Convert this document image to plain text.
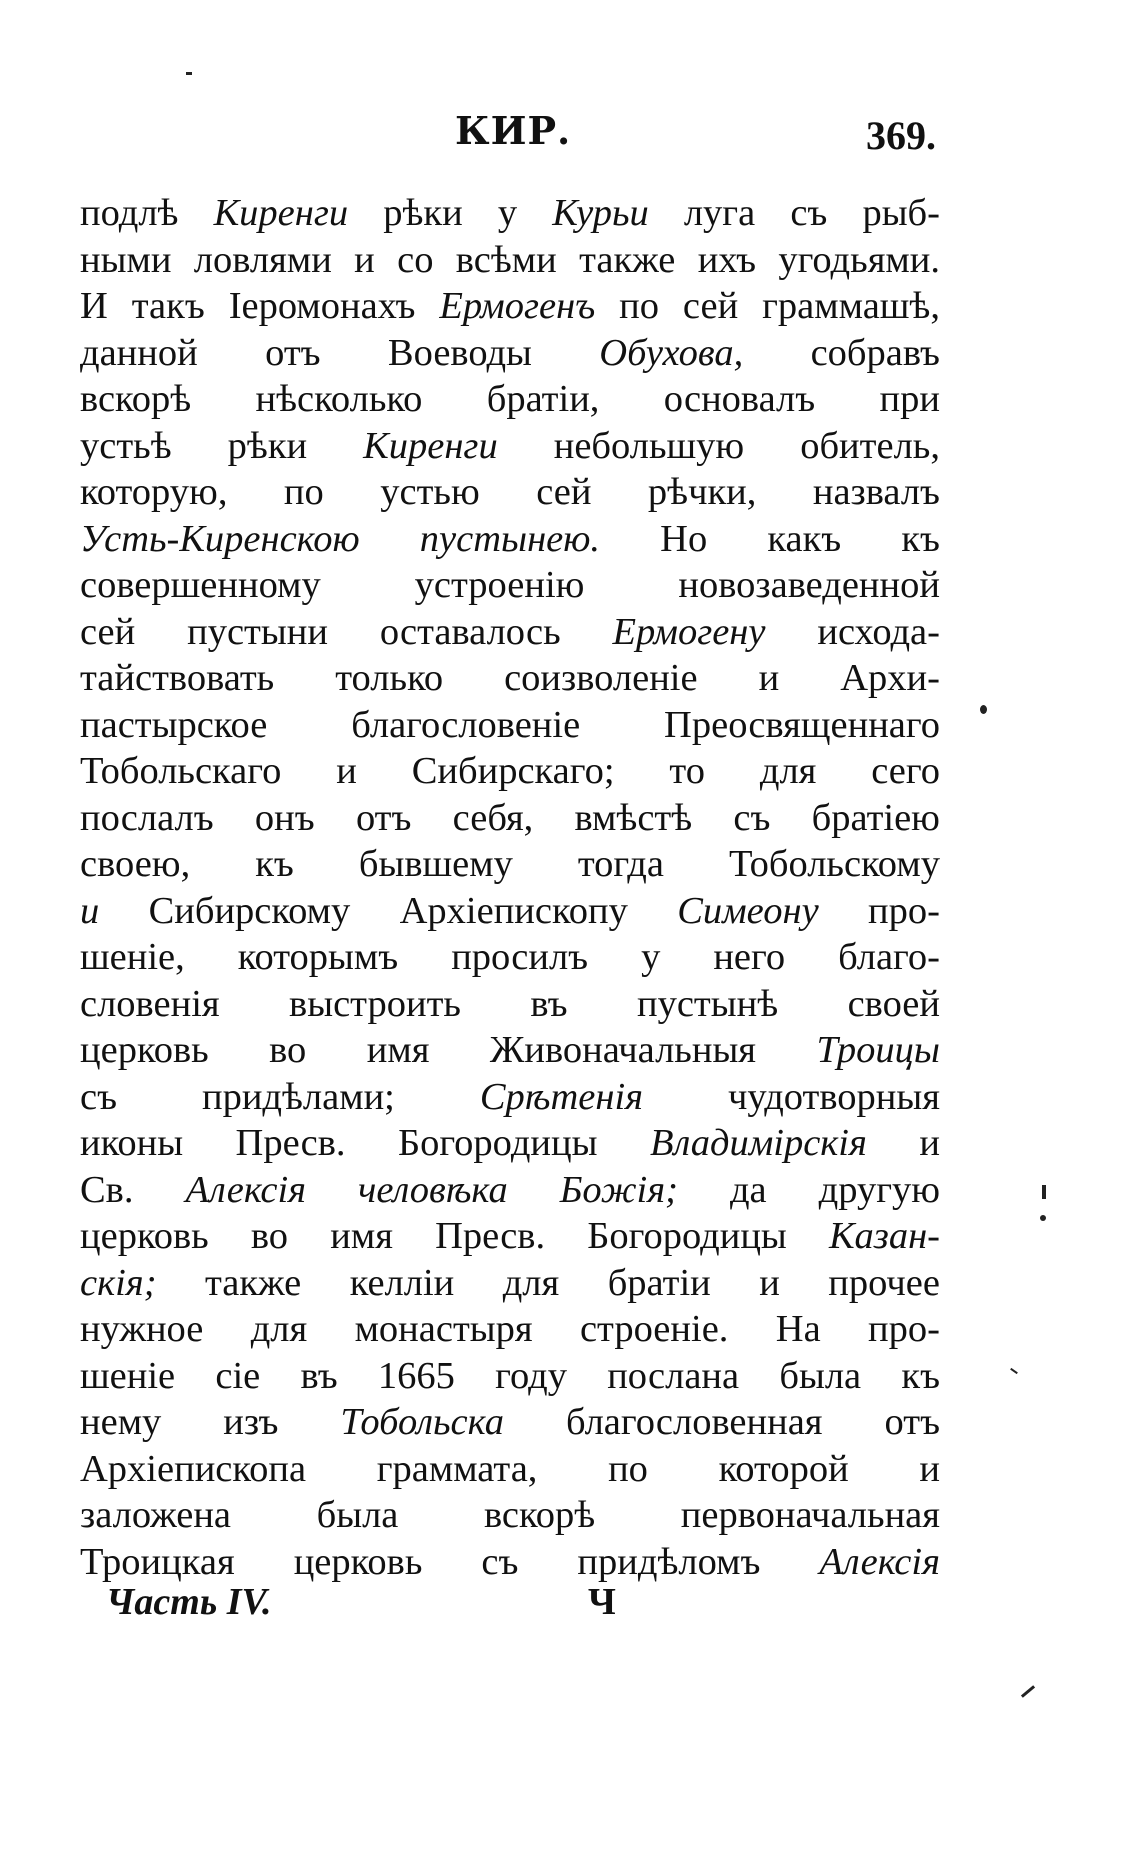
КИР.	369.
подлѣ Киренги рѣки у Курьи луга съ рыб-
ными ловлями и со всѣми также ихъ угодьями.
И такъ Іеромонахъ Ермогенъ по сей граммашѣ,
данной отъ Воеводы Обухова, собравъ
вскорѣ нѣсколько братіи, основалъ при
устьѣ рѣки Киренги небольшую обитель,
которую, по устью сей рѣчки, назвалъ
Усть-Киренскою пустынею. Но какъ къ
совершенному устроенію новозаведенной
сей пустыни оставалось Ермогену исхода-
тайствовать только соизволеніе и Архи-
пастырское благословеніе Преосвященнаго
Тобольскаго и Сибирскаго; то для сего
послалъ онъ отъ себя, вмѣстѣ съ братіею
своею, къ бывшему тогда Тобольскому
и Сибирскому Архіепископу Симеону про-
шеніе, которымъ просилъ у него благо-
словенія выстроить въ пустынѣ своей
церковь во имя Живоначальныя Троицы
съ придѣлами; Срѣтенія чудотворныя
иконы Пресв. Богородицы Владимірскія и
Св. Алексія человѣка Божія; да другую
церковь во имя Пресв. Богородицы Казан-
скія; также келліи для братіи и прочее
нужное для монастыря строеніе. На про-
шеніе сіе въ 1665 году послана была къ
нему изъ Тобольска благословенная отъ
Архіепископа граммата, по которой и
заложена была вскорѣ первоначальная
Троицкая церковь съ придѣломъ Алексія
Часть IV.	Ч
